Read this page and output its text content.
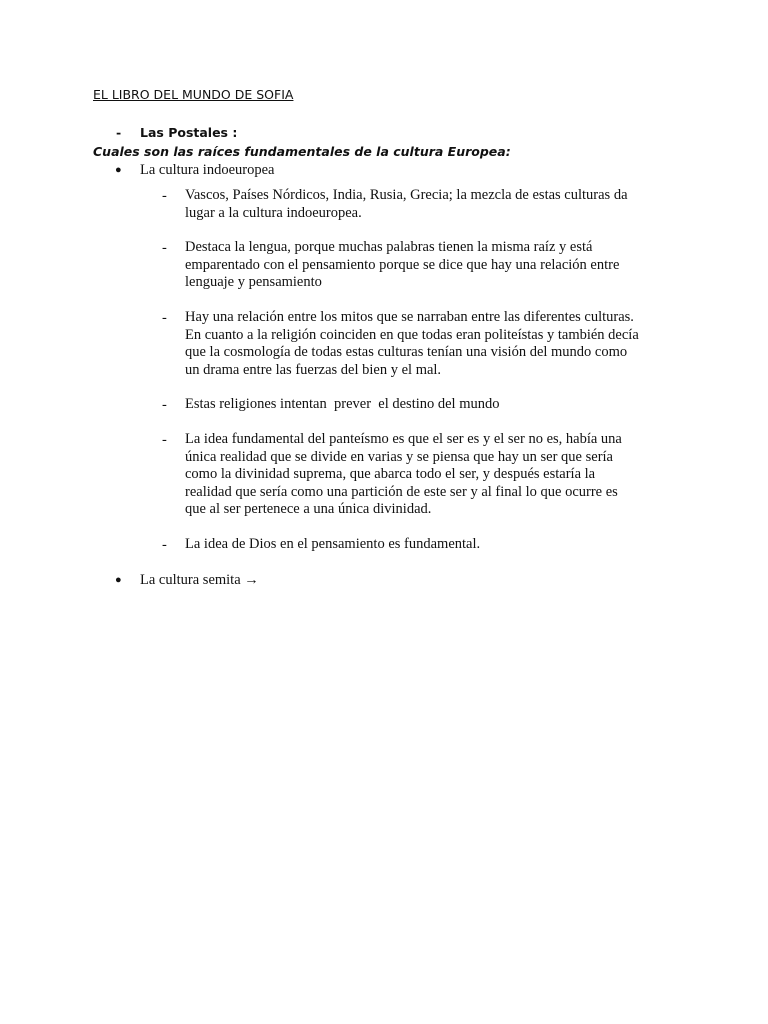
EL LIBRO DEL MUNDO DE SOFIA
- Las Postales :
Cuales son las raíces fundamentales de la cultura Europea:
● La cultura indoeuropea
- Vascos, Países Nórdicos, India, Rusia, Grecia; la mezcla de estas culturas da
lugar a la cultura indoeuropea.
- Destaca la lengua, porque muchas palabras tienen la misma raíz y está
emparentado con el pensamiento porque se dice que hay una relación entre
lenguaje y pensamiento
- Hay una relación entre los mitos que se narraban entre las diferentes culturas.
En cuanto a la religión coinciden en que todas eran politeístas y también decía
que la cosmología de todas estas culturas tenían una visión del mundo como
un drama entre las fuerzas del bien y el mal.
- Estas religiones intentan  prever  el destino del mundo
- La idea fundamental del panteísmo es que el ser es y el ser no es, había una
única realidad que se divide en varias y se piensa que hay un ser que sería
como la divinidad suprema, que abarca todo el ser, y después estaría la
realidad que sería como una partición de este ser y al final lo que ocurre es
que al ser pertenece a una única divinidad.
- La idea de Dios en el pensamiento es fundamental.
● La cultura semita →
